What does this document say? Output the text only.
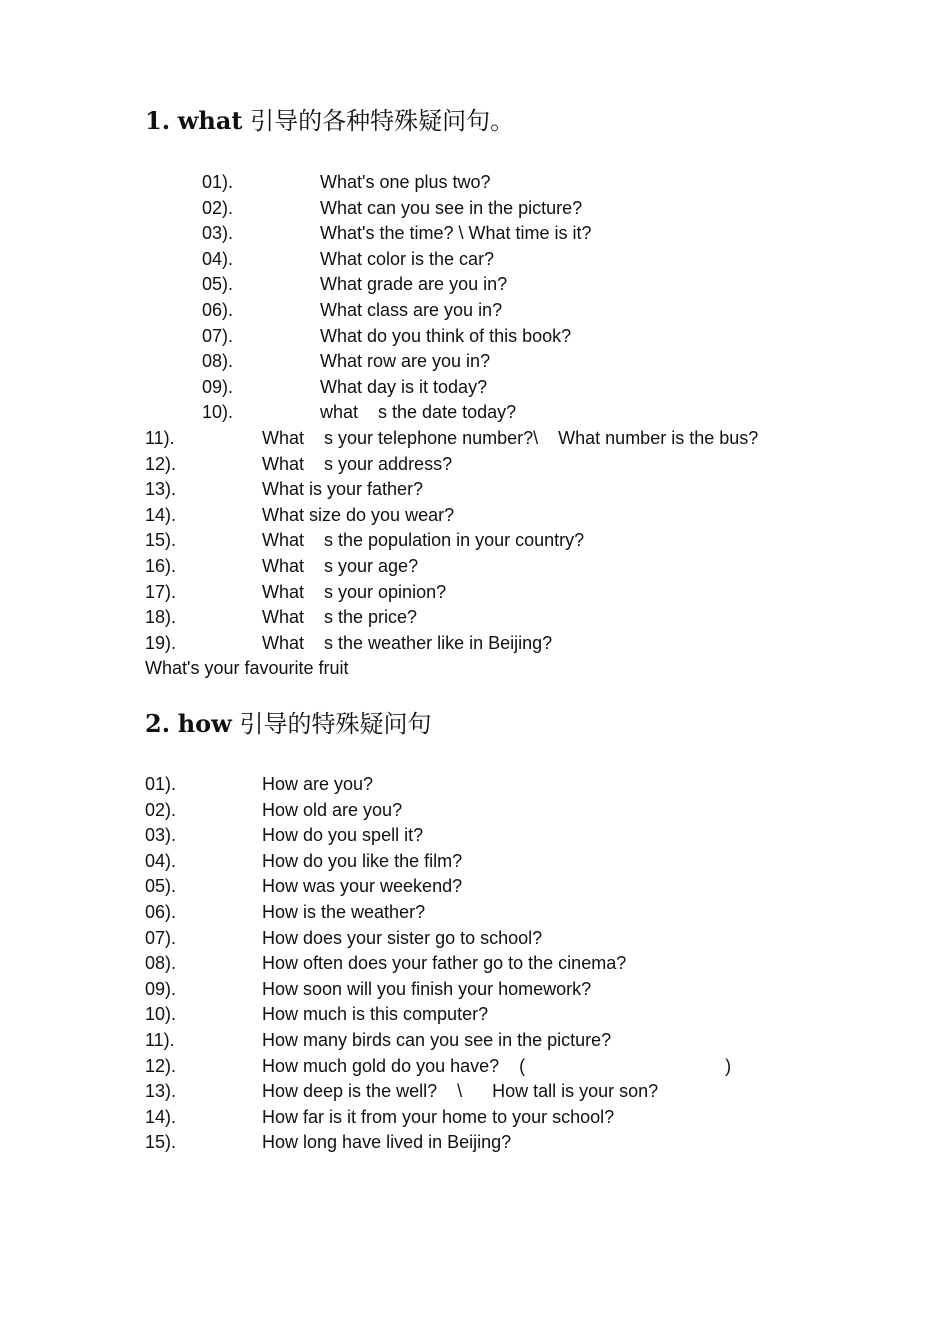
1. what 引导的各种特殊疑问句。
01).	What's one plus two?
02).	What can you see in the picture?
03).	What's the time? \ What time is it?
04).	What color is the car?
05).	What grade are you in?
06).	What class are you in?
07).	What do you think of this book?
08).	What row are you in?
09).	What day is it today?
10).	what    s the date today?
11).	What    s your telephone number?\    What number is the bus?
12).	What    s your address?
13).	What is your father?
14).	What size do you wear?
15).	What    s the population in your country?
16).	What    s your age?
17).	What    s your opinion?
18).	What    s the price?
19).	What    s the weather like in Beijing?
What's your favourite fruit
2. how 引导的特殊疑问句
01).	How are you?
02).	How old are you?
03).	How do you spell it?
04).	How do you like the film?
05).	How was your weekend?
06).	How is the weather?
07).	How does your sister go to school?
08).	How often does your father go to the cinema?
09).	How soon will you finish your homework?
10).	How much is this computer?
11).	How many birds can you see in the picture?
12).	How much gold do you have?    (                                        )
13).	How deep is the well?    \      How tall is your son?
14).	How far is it from your home to your school?
15).	How long have lived in Beijing?
